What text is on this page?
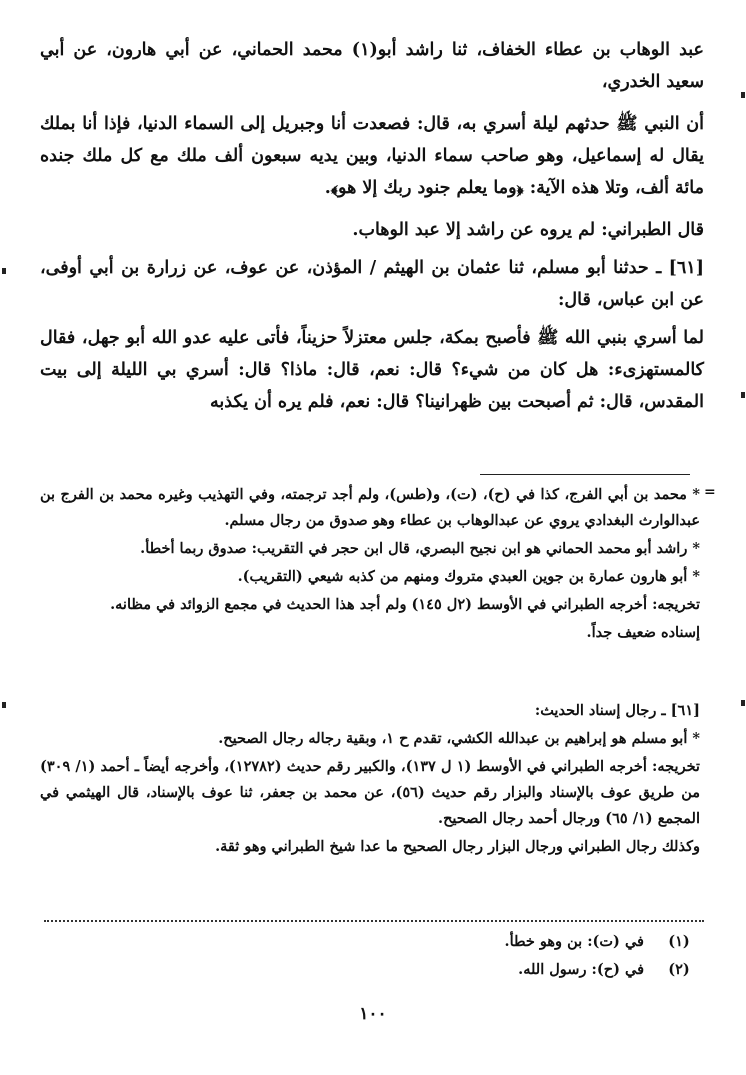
عبد الوهاب بن عطاء الخفاف، ثنا راشد أبو(١) محمد الحماني، عن أبي هارون، عن أبي سعيد الخدري،

أن النبي ﷺ حدثهم ليلة أسري به، قال: فصعدت أنا وجبريل إلى السماء الدنيا، فإذا أنا بملك يقال له إسماعيل، وهو صاحب سماء الدنيا، وبين يديه سبعون ألف ملك مع كل ملك جنده مائة ألف، وتلا هذه الآية: ﴿وما يعلم جنود ربك إلا هو﴾.

قال الطبراني: لم يروه عن راشد إلا عبد الوهاب.

[٦١] ـ حدثنا أبو مسلم، ثنا عثمان بن الهيثم / المؤذن، عن عوف، عن زرارة بن أبي أوفى، عن ابن عباس، قال:

لما أسري بنبي الله ﷺ فأصبح بمكة، جلس معتزلاً حزيناً، فأتى عليه عدو الله أبو جهل، فقال كالمستهزىء: هل كان من شيء؟ قال: نعم، قال: ماذا؟ قال: أسري بي الليلة إلى بيت المقدس، قال: ثم أصبحت بين ظهرانينا؟ قال: نعم، فلم يره أن يكذبه

=

* محمد بن أبي الفرج، كذا في (ح)، (ت)، و(طس)، ولم أجد ترجمته، وفي التهذيب وغيره محمد بن الفرج بن عبدالوارث البغدادي يروي عن عبدالوهاب بن عطاء وهو صدوق من رجال مسلم.

* راشد أبو محمد الحماني هو ابن نجيح البصري، قال ابن حجر في التقريب: صدوق ربما أخطأ.

* أبو هارون عمارة بن جوين العبدي متروك ومنهم من كذبه شيعي (التقريب).

تخريجه: أخرجه الطبراني في الأوسط (٢ل ١٤٥) ولم أجد هذا الحديث في مجمع الزوائد في مظانه.

إسناده ضعيف جداً.

[٦١] ـ رجال إسناد الحديث:

* أبو مسلم هو إبراهيم بن عبدالله الكشي، تقدم ح ١، وبقية رجاله رجال الصحيح.

تخريجه: أخرجه الطبراني في الأوسط (١ ل ١٣٧)، والكبير رقم حديث (١٢٧٨٢)، وأخرجه أيضاً ـ أحمد (١/ ٣٠٩) من طريق عوف بالإسناد والبزار رقم حديث (٥٦)، عن محمد بن جعفر، ثنا عوف بالإسناد، قال الهيثمي في المجمع (١/ ٦٥) ورجال أحمد رجال الصحيح.

وكذلك رجال الطبراني ورجال البزار رجال الصحيح ما عدا شيخ الطبراني وهو ثقة.

(١)
في (ت): بن وهو خطأ.
(٢)
في (ح): رسول الله.
١٠٠
